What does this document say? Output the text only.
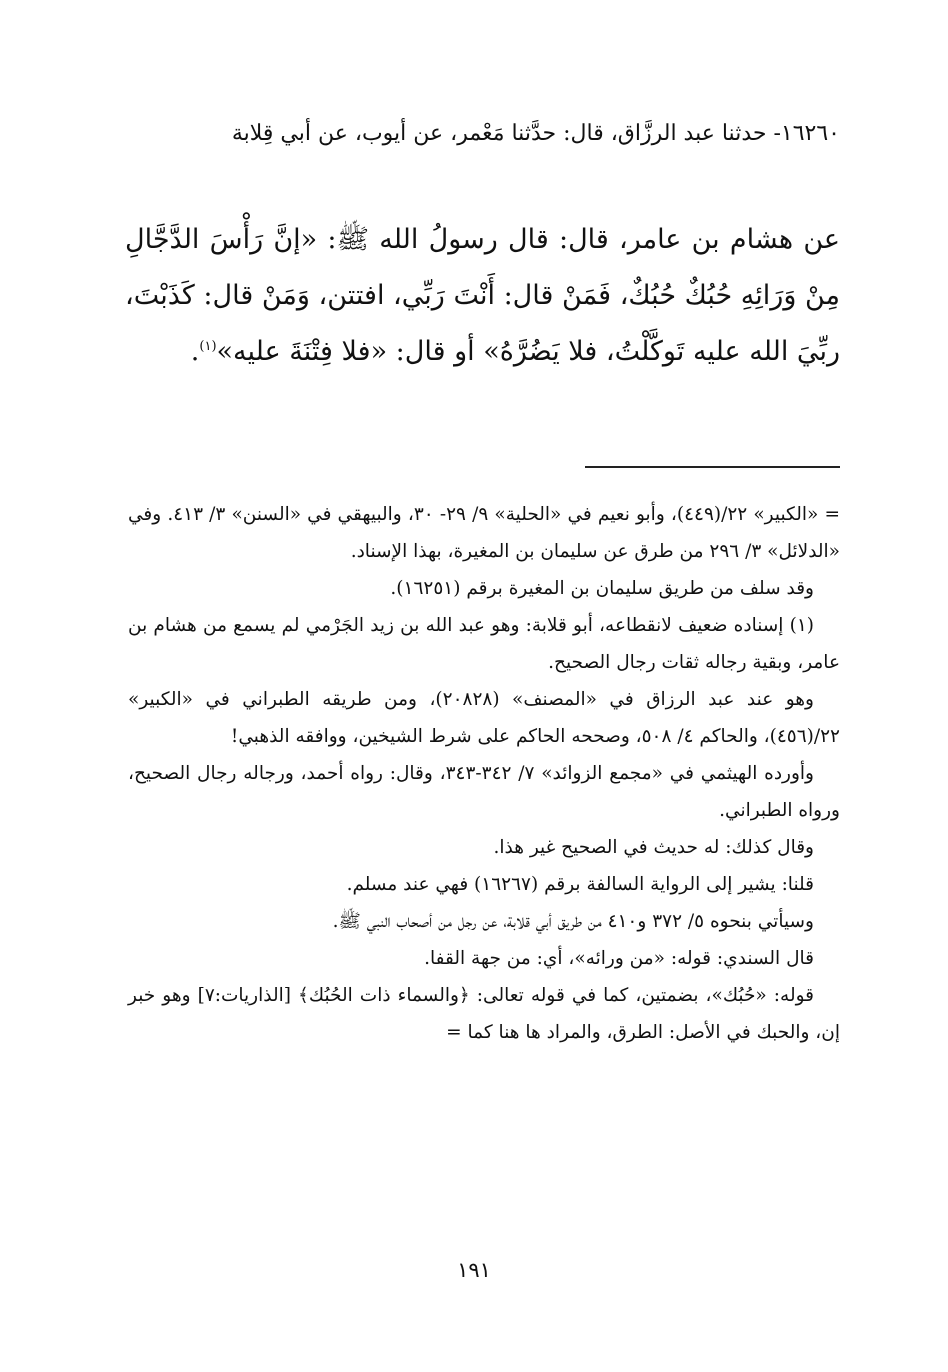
١٦٢٦٠- حدثنا عبد الرزَّاق، قال: حدَّثنا مَعْمر، عن أيوب، عن أبي قِلابة

عن هشام بن عامر، قال: قال رسولُ الله ﷺ: «إنَّ رَأْسَ الدَّجَّالِ مِنْ وَرَائِهِ حُبُكٌ حُبُكٌ، فَمَنْ قال: أَنْتَ رَبِّي، افتتن، وَمَنْ قال: كَذَبْتَ، ربِّيَ الله عليه تَوكَّلْتُ، فلا يَضُرَّهُ» أو قال: «فلا فِتْنَةَ عليه»$^{(١)}$.

= «الكبير» ٢٢/(٤٤٩)، وأبو نعيم في «الحلية» ٩/ ٢٩- ٣٠، والبيهقي في «السنن» ٣/ ٤١٣. وفي «الدلائل» ٣/ ٢٩٦ من طرق عن سليمان بن المغيرة، بهذا الإسناد.

وقد سلف من طريق سليمان بن المغيرة برقم (١٦٢٥١).

(١) إسناده ضعيف لانقطاعه، أبو قلابة: وهو عبد الله بن زيد الجَرْمي لم يسمع من هشام بن عامر، وبقية رجاله ثقات رجال الصحيح.

وهو عند عبد الرزاق في «المصنف» (٢٠٨٢٨)، ومن طريقه الطبراني في «الكبير» ٢٢/(٤٥٦)، والحاكم ٤/ ٥٠٨، وصححه الحاكم على شرط الشيخين، ووافقه الذهبي!

وأورده الهيثمي في «مجمع الزوائد» ٧/ ٣٤٢-٣٤٣، وقال: رواه أحمد، ورجاله رجال الصحيح، ورواه الطبراني.

وقال كذلك: له حديث في الصحيح غير هذا.

قلنا: يشير إلى الرواية السالفة برقم (١٦٢٦٧) فهي عند مسلم.

وسيأتي بنحوه ٥/ ٣٧٢ و٤١٠ من طريق أبي قلابة، عن رجل من أصحاب النبي ﷺ.

قال السندي: قوله: «من ورائه»، أي: من جهة القفا.

قوله: «حُبُك»، بضمتين، كما في قوله تعالى: ﴿والسماء ذات الحُبُك﴾ [الذاريات:٧] وهو خبر إن، والحبك في الأصل: الطرق، والمراد ها هنا كما =

١٩١
